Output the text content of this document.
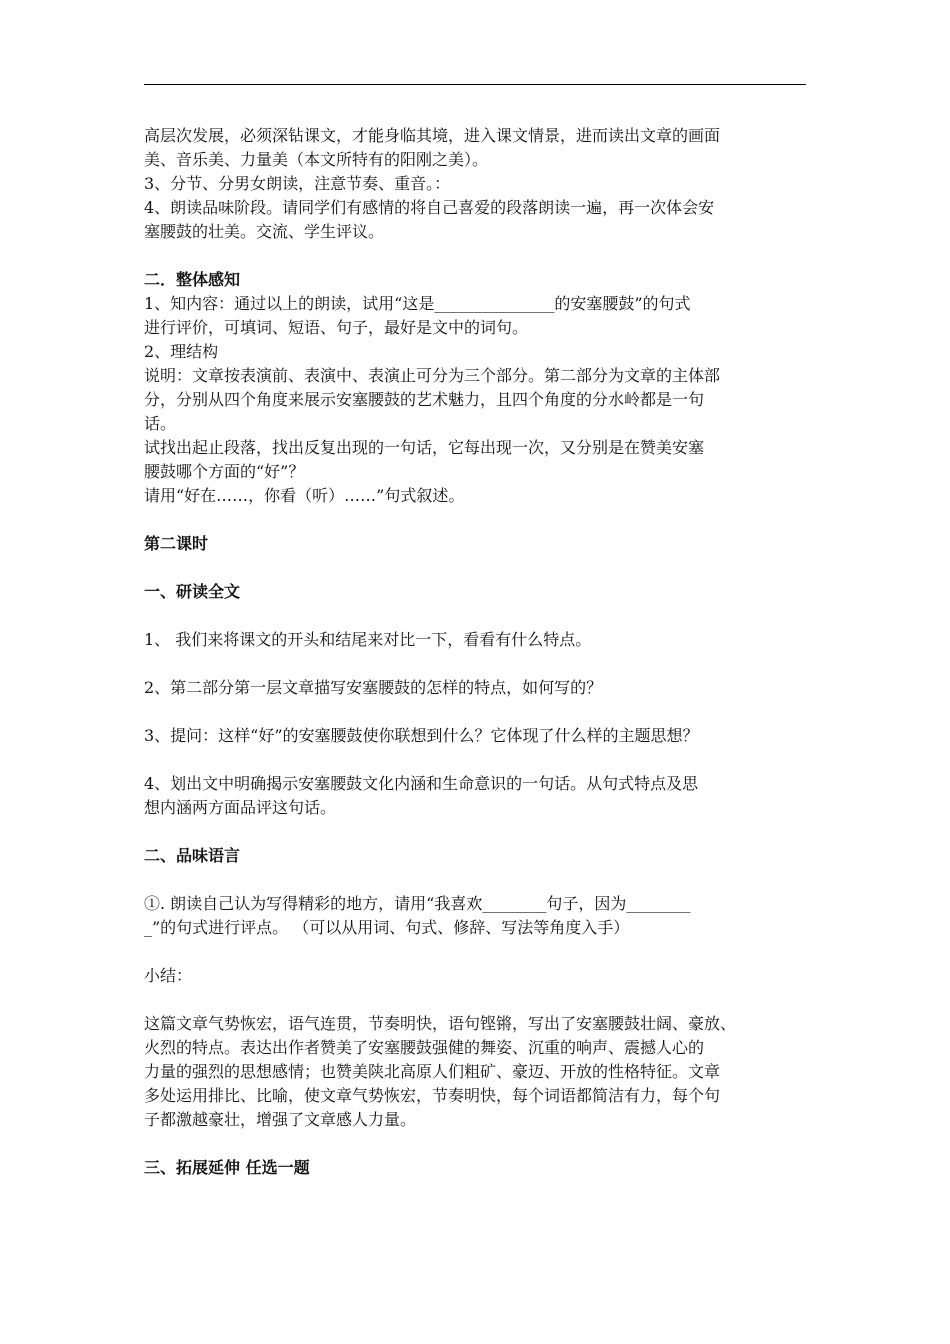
高层次发展，必须深钻课文，才能身临其境，进入课文情景，进而读出文章的画面

美、音乐美、力量美（本文所特有的阳刚之美）。

3、分节、分男女朗读，注意节奏、重音。：

4、朗读品味阶段。请同学们有感情的将自己喜爱的段落朗读一遍，再一次体会安

塞腰鼓的壮美。交流、学生评议。

二．整体感知

1、知内容：通过以上的朗读，试用“这是_______________的安塞腰鼓”的句式

进行评价，可填词、短语、句子，最好是文中的词句。

2、理结构

说明：文章按表演前、表演中、表演止可分为三个部分。第二部分为文章的主体部

分，分别从四个角度来展示安塞腰鼓的艺术魅力，且四个角度的分水岭都是一句

话。

试找出起止段落，找出反复出现的一句话，它每出现一次，又分别是在赞美安塞

腰鼓哪个方面的“好”？

请用“好在……，你看（听）……”句式叙述。

第二课时
一、研读全文

1、 我们来将课文的开头和结尾来对比一下，看看有什么特点。

2、第二部分第一层文章描写安塞腰鼓的怎样的特点，如何写的？

3、提问：这样“好”的安塞腰鼓使你联想到什么？它体现了什么样的主题思想？

4、划出文中明确揭示安塞腰鼓文化内涵和生命意识的一句话。从句式特点及思

想内涵两方面品评这句话。

二、品味语言

①. 朗读自己认为写得精彩的地方，请用“我喜欢________句子，因为________

_”的句式进行评点。 （可以从用词、句式、修辞、写法等角度入手）

小结：

这篇文章气势恢宏，语气连贯，节奏明快，语句铿锵，写出了安塞腰鼓壮阔、豪放、

火烈的特点。表达出作者赞美了安塞腰鼓强健的舞姿、沉重的响声、震撼人心的

力量的强烈的思想感情；也赞美陕北高原人们粗矿、豪迈、开放的性格特征。文章

多处运用排比、比喻，使文章气势恢宏，节奏明快，每个词语都简洁有力，每个句

子都激越豪壮，增强了文章感人力量。

三、拓展延伸 任选一题
